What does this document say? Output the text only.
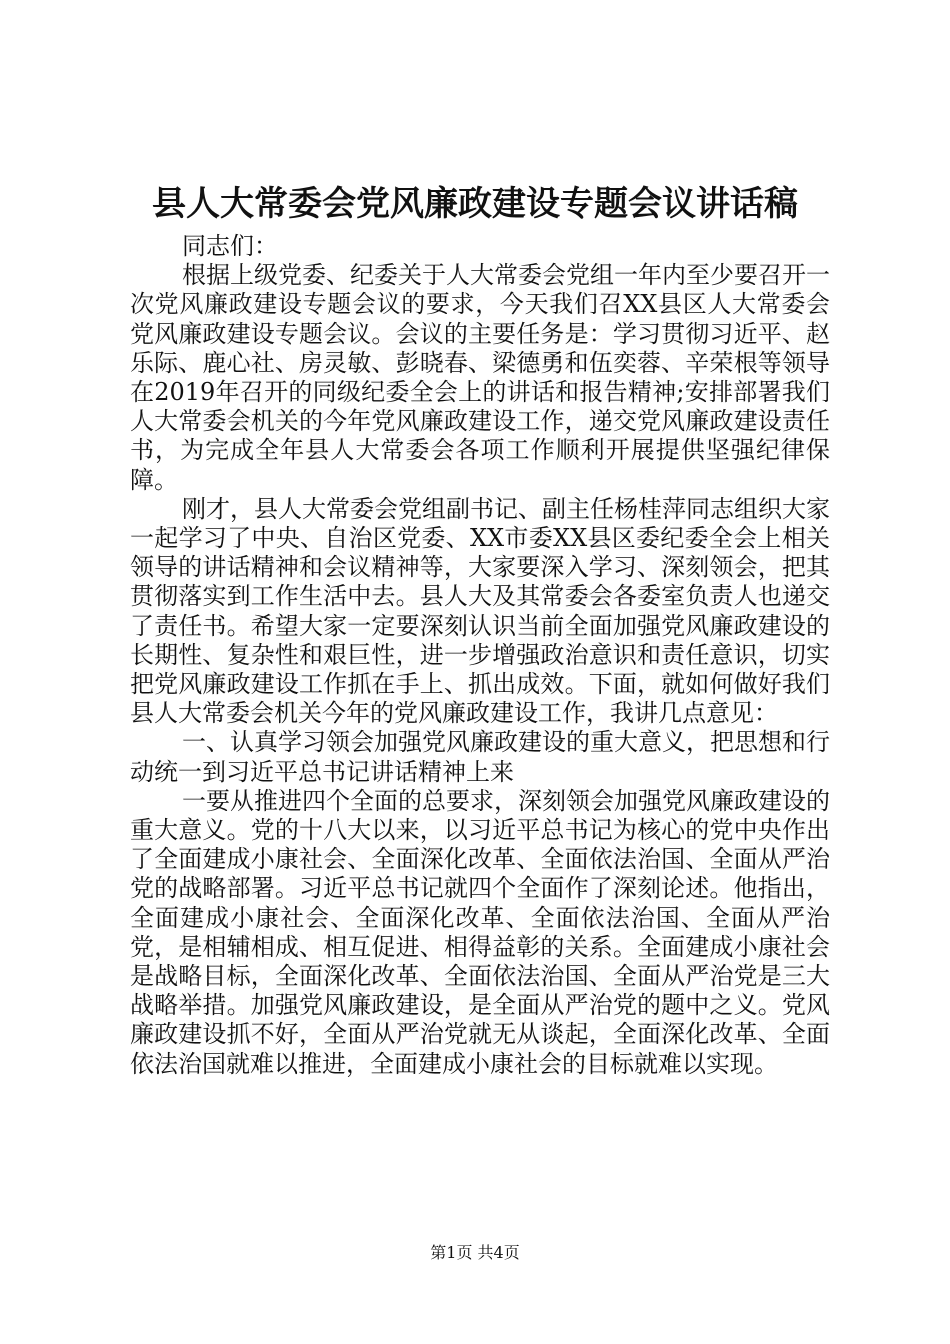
县人大常委会党风廉政建设专题会议讲话稿

同志们：

根据上级党委、纪委关于人大常委会党组一年内至少要召开一次党风廉政建设专题会议的要求，今天我们召XX县区人大常委会党风廉政建设专题会议。会议的主要任务是：学习贯彻习近平、赵乐际、鹿心社、房灵敏、彭晓春、梁德勇和伍奕蓉、辛荣根等领导在2019年召开的同级纪委全会上的讲话和报告精神;安排部署我们人大常委会机关的今年党风廉政建设工作，递交党风廉政建设责任书，为完成全年县人大常委会各项工作顺利开展提供坚强纪律保障。

刚才，县人大常委会党组副书记、副主任杨桂萍同志组织大家一起学习了中央、自治区党委、XX市委XX县区委纪委全会上相关领导的讲话精神和会议精神等，大家要深入学习、深刻领会，把其贯彻落实到工作生活中去。县人大及其常委会各委室负责人也递交了责任书。希望大家一定要深刻认识当前全面加强党风廉政建设的长期性、复杂性和艰巨性，进一步增强政治意识和责任意识，切实把党风廉政建设工作抓在手上、抓出成效。下面，就如何做好我们县人大常委会机关今年的党风廉政建设工作，我讲几点意见：

一、认真学习领会加强党风廉政建设的重大意义，把思想和行动统一到习近平总书记讲话精神上来

一要从推进四个全面的总要求，深刻领会加强党风廉政建设的重大意义。党的十八大以来，以习近平总书记为核心的党中央作出了全面建成小康社会、全面深化改革、全面依法治国、全面从严治党的战略部署。习近平总书记就四个全面作了深刻论述。他指出，全面建成小康社会、全面深化改革、全面依法治国、全面从严治党，是相辅相成、相互促进、相得益彰的关系。全面建成小康社会是战略目标，全面深化改革、全面依法治国、全面从严治党是三大战略举措。加强党风廉政建设，是全面从严治党的题中之义。党风廉政建设抓不好，全面从严治党就无从谈起，全面深化改革、全面依法治国就难以推进，全面建成小康社会的目标就难以实现。

第1页 共4页
